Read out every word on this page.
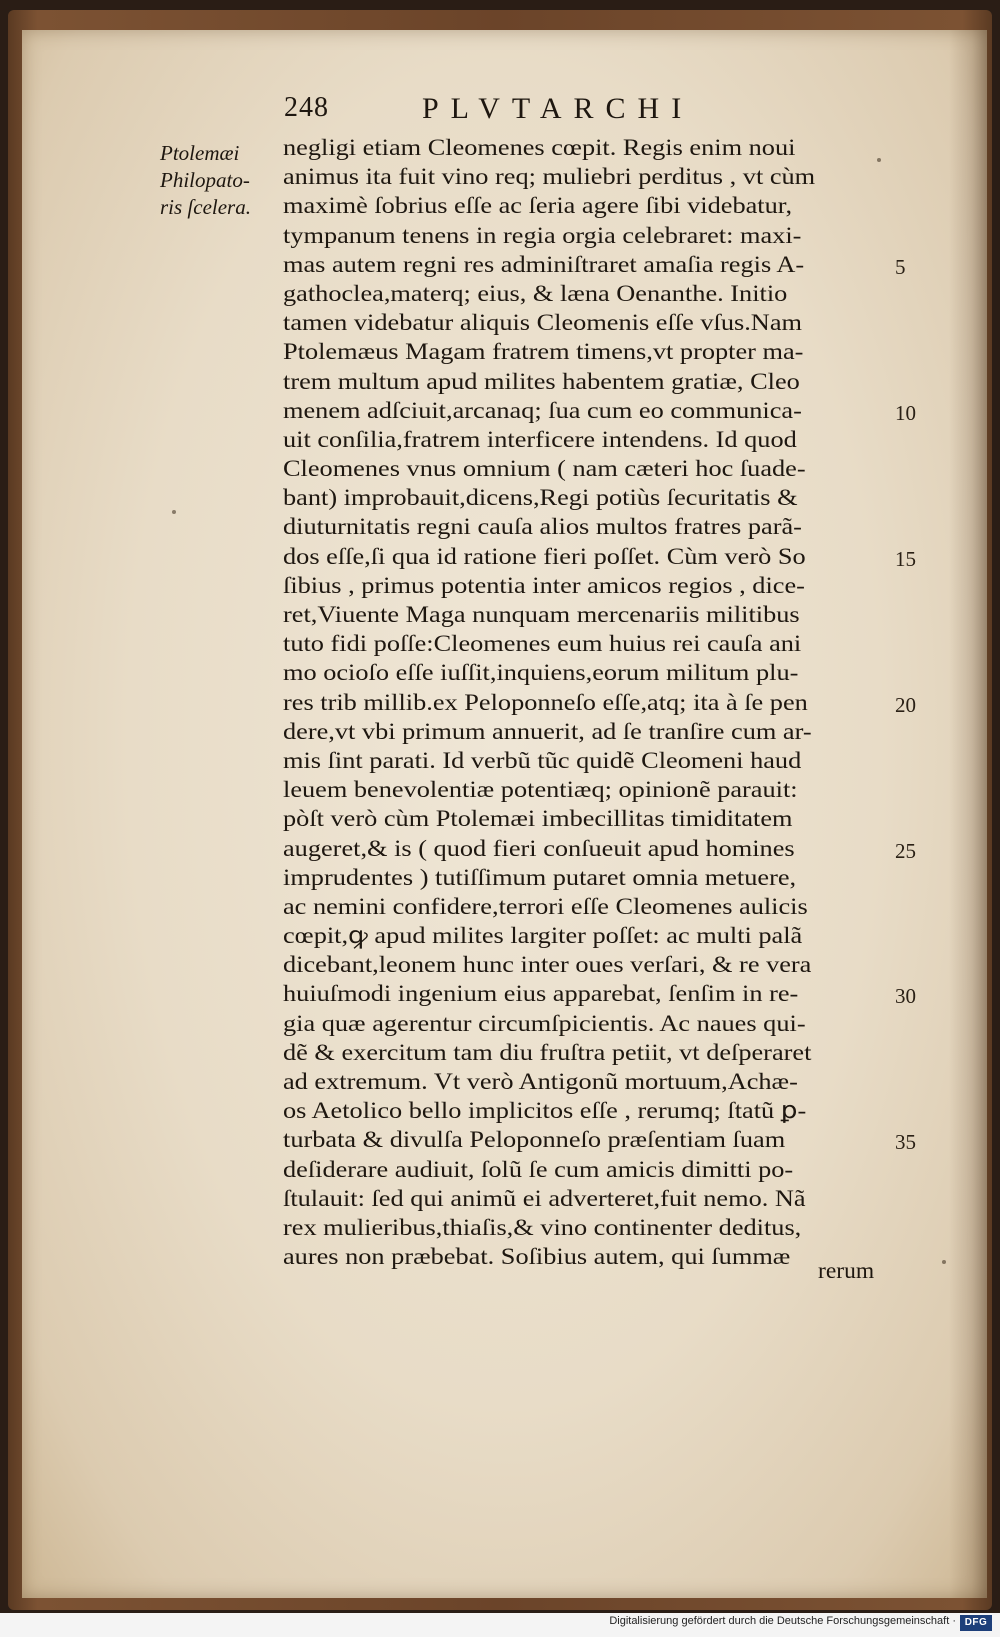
248	PLVTARCHI
Ptolemæi
Philopato-
ris ſcelera.
negligi etiam Cleomenes cœpit. Regis enim noui
animus ita fuit vino req; muliebri perditus , vt cùm
maximè ſobrius eſſe ac ſeria agere ſibi videbatur,
tympanum tenens in regia orgia celebraret: maxi-
mas autem regni res adminiſtraret amaſia regis A-	5
gathoclea,materq; eius, & læna Oenanthe. Initio
tamen videbatur aliquis Cleomenis eſſe vſus.Nam
Ptolemæus Magam fratrem timens,vt propter ma-
trem multum apud milites habentem gratiæ, Cleo
menem adſciuit,arcanaq; ſua cum eo communica-	10
uit conſilia,fratrem interficere intendens. Id quod
Cleomenes vnus omnium ( nam cæteri hoc ſuade-
bant) improbauit,dicens,Regi potiùs ſecuritatis &
diuturnitatis regni cauſa alios multos fratres parã-
dos eſſe,ſi qua id ratione fieri poſſet. Cùm verò So	15
ſibius , primus potentia inter amicos regios , dice-
ret,Viuente Maga nunquam mercenariis militibus
tuto fidi poſſe:Cleomenes eum huius rei cauſa ani
mo ocioſo eſſe iuſſit,inquiens,eorum militum plu-
res trib millib.ex Peloponneſo eſſe,atq; ita à ſe pen	20
dere,vt vbi primum annuerit, ad ſe tranſire cum ar-
mis ſint parati. Id verbũ tũc quidẽ Cleomeni haud
leuem benevolentiæ potentiæq; opinionẽ parauit:
pòſt verò cùm Ptolemæi imbecillitas timiditatem
augeret,& is ( quod fieri conſueuit apud homines	25
imprudentes ) tutiſſimum putaret omnia metuere,
ac nemini confidere,terrori eſſe Cleomenes aulicis
cœpit,ꝙ apud milites largiter poſſet: ac multi palã
dicebant,leonem hunc inter oues verſari, & re vera
huiuſmodi ingenium eius apparebat, ſenſim in re-	30
gia quæ agerentur circumſpicientis. Ac naues qui-
dẽ & exercitum tam diu fruſtra petiit, vt deſperaret
ad extremum. Vt verò Antigonũ mortuum,Achæ-
os Aetolico bello implicitos eſſe , rerumq; ſtatũ ꝑ-
turbata & divulſa Peloponneſo præſentiam ſuam	35
deſiderare audiuit, ſolũ ſe cum amicis dimitti po-
ſtulauit: ſed qui animũ ei adverteret,fuit nemo. Nã
rex mulieribus,thiaſis,& vino continenter deditus,
aures non præbebat. Soſibius autem, qui ſummæ
rerum
Digitalisierung gefördert durch die Deutsche Forschungsgemeinschaft · DFG
